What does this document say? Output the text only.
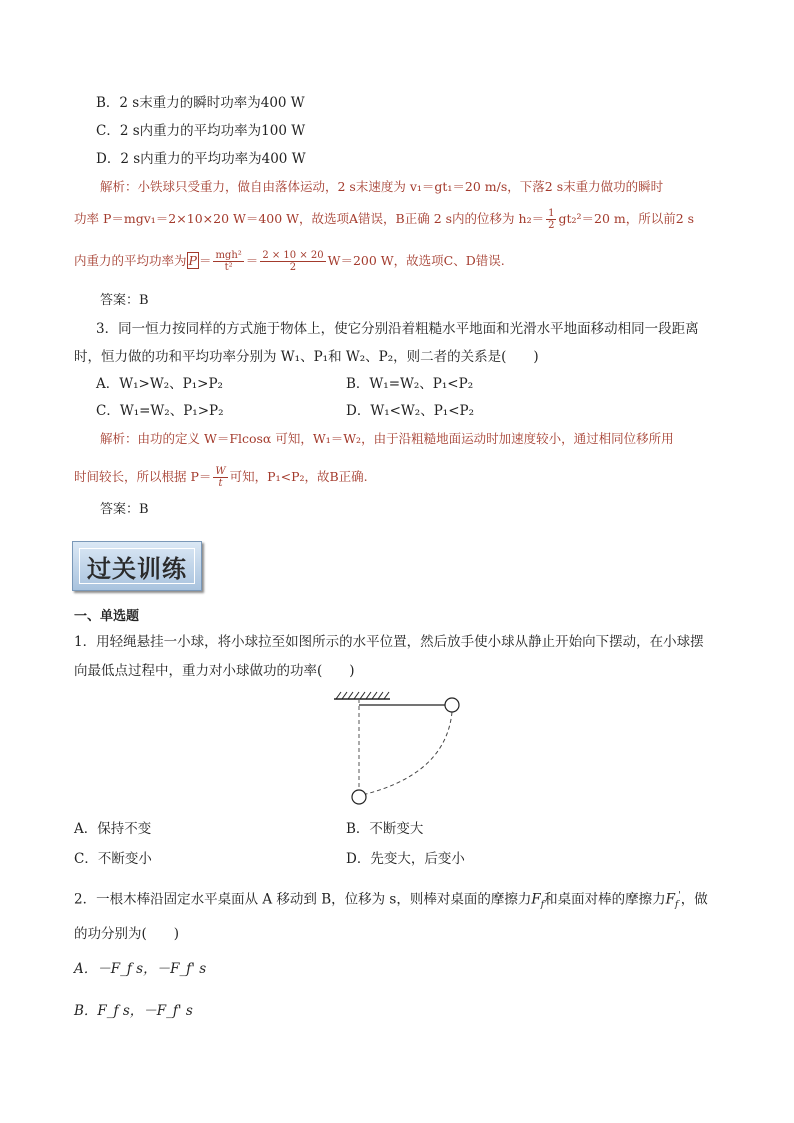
B．2 s末重力的瞬时功率为400 W
C．2 s内重力的平均功率为100 W
D．2 s内重力的平均功率为400 W
解析：小铁球只受重力，做自由落体运动，2 s末速度为 v₁＝gt₁＝20 m/s，下落2 s末重力做功的瞬时
功率 P＝mgv₁＝2×10×20 W＝400 W，故选项A错误，B正确 2 s内的位移为 $h_2= \frac{1}{2} gt_2^2=20$ m，所以前2 s
内重力的平均功率为 $P = \frac{\text{mgh²}}{\text{t²}} = \frac{2 \times 10 \times 20}{2} W=200$ W，故选项C、D错误.
答案：B
3．同一恒力按同样的方式施于物体上，使它分别沿着粗糙水平地面和光滑水平地面移动相同一段距离
时，恒力做的功和平均功率分别为 W₁、P₁和 W₂、P₂，则二者的关系是(　　)
A．W₁>W₂、P₁>P₂	B．W₁=W₂、P₁<P₂
C．W₁=W₂、P₁>P₂	D．W₁<W₂、P₁<P₂
解析：由功的定义 W＝Flcosα 可知，W₁＝W₂，由于沿粗糙地面运动时加速度较小，通过相同位移所用
时间较长，所以根据 $P= \frac{W}{t}$ 可知，P₁<P₂，故B正确.
答案：B
过关训练
一、单选题
1．用轻绳悬挂一小球，将小球拉至如图所示的水平位置，然后放手使小球从静止开始向下摆动，在小球摆
向最低点过程中，重力对小球做功的功率(　　)
A．保持不变	B．不断变大
C．不断变小	D．先变大，后变小
2．一根木棒沿固定水平桌面从 A 移动到 B，位移为 s，则棒对桌面的摩擦力$F_f$和桌面对棒的摩擦力$F_f'$，做
的功分别为(　　)
A．－F_f s，－F_f' s
B．F_f s，－F_f' s
